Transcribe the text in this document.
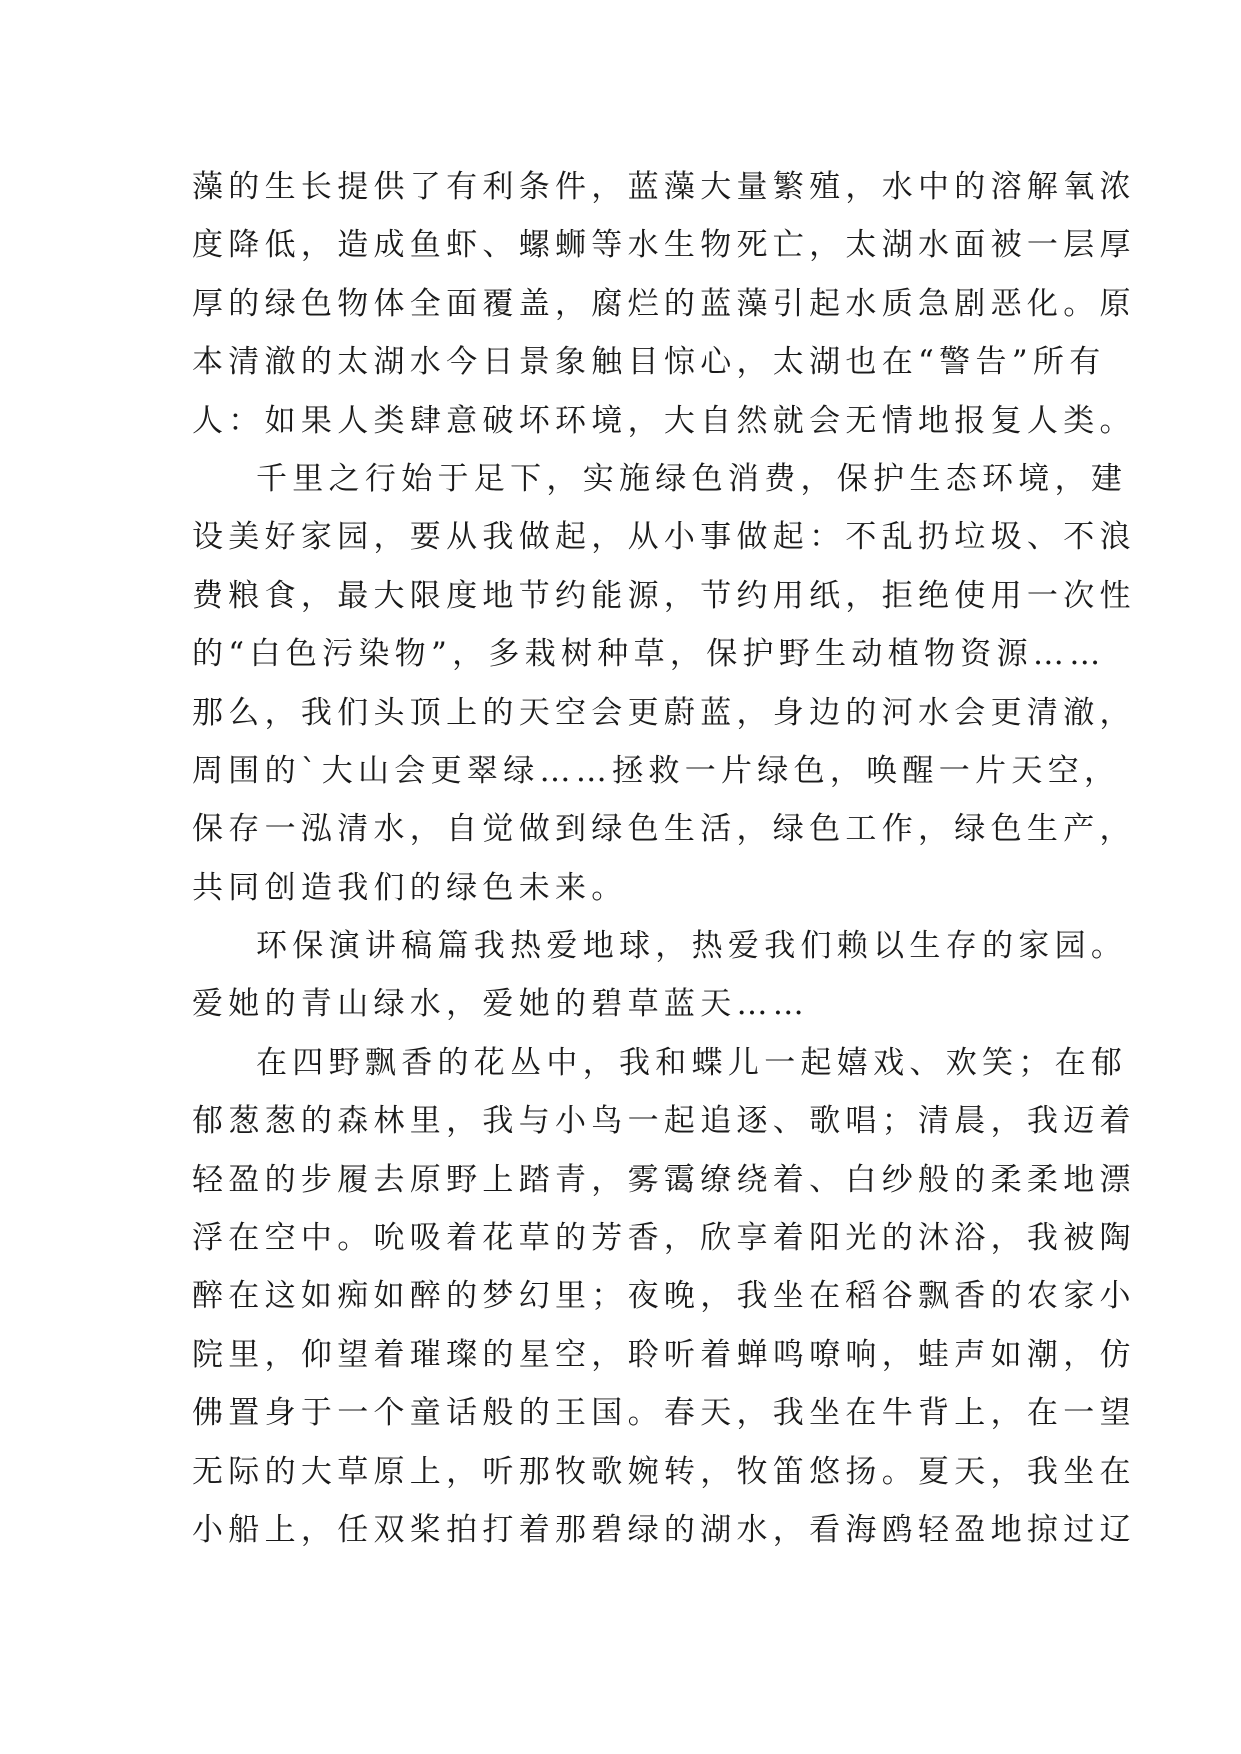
藻的生长提供了有利条件，蓝藻大量繁殖，水中的溶解氧浓
度降低，造成鱼虾、螺蛳等水生物死亡，太湖水面被一层厚
厚的绿色物体全面覆盖，腐烂的蓝藻引起水质急剧恶化。原
本清澈的太湖水今日景象触目惊心，太湖也在“警告”所有
人：如果人类肆意破坏环境，大自然就会无情地报复人类。
千里之行始于足下，实施绿色消费，保护生态环境，建
设美好家园，要从我做起，从小事做起：不乱扔垃圾、不浪
费粮食，最大限度地节约能源，节约用纸，拒绝使用一次性
的“白色污染物”，多栽树种草，保护野生动植物资源……
那么，我们头顶上的天空会更蔚蓝，身边的河水会更清澈，
周围的`大山会更翠绿……拯救一片绿色，唤醒一片天空，
保存一泓清水，自觉做到绿色生活，绿色工作，绿色生产，
共同创造我们的绿色未来。
环保演讲稿篇我热爱地球，热爱我们赖以生存的家园。
爱她的青山绿水，爱她的碧草蓝天……
在四野飘香的花丛中，我和蝶儿一起嬉戏、欢笑；在郁
郁葱葱的森林里，我与小鸟一起追逐、歌唱；清晨，我迈着
轻盈的步履去原野上踏青，雾霭缭绕着、白纱般的柔柔地漂
浮在空中。吮吸着花草的芳香，欣享着阳光的沐浴，我被陶
醉在这如痴如醉的梦幻里；夜晚，我坐在稻谷飘香的农家小
院里，仰望着璀璨的星空，聆听着蝉鸣嘹响，蛙声如潮，仿
佛置身于一个童话般的王国。春天，我坐在牛背上，在一望
无际的大草原上，听那牧歌婉转，牧笛悠扬。夏天，我坐在
小船上，任双桨拍打着那碧绿的湖水，看海鸥轻盈地掠过辽
